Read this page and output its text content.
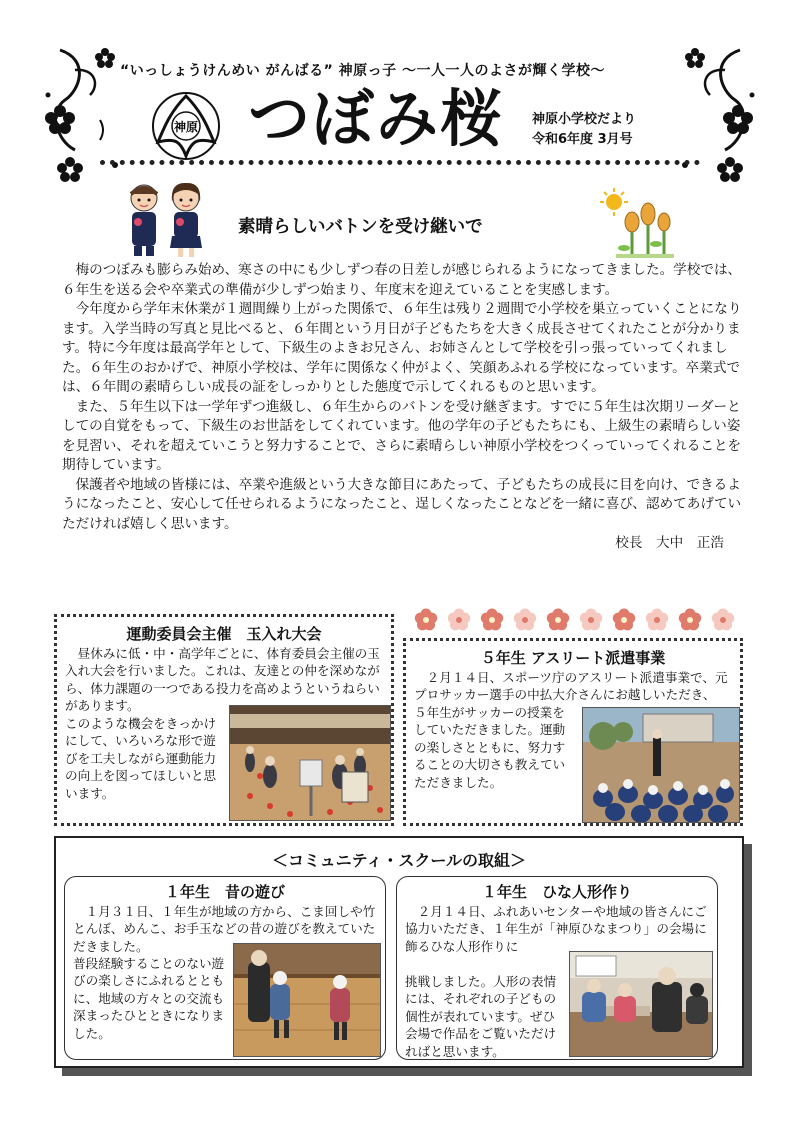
“いっしょうけんめい がんばる” 神原っ子 〜一人一人のよさが輝く学校〜
神原 つぼみ桜 神原小学校だより
令和6年度 3月号
素晴らしいバトンを受け継いで

梅のつぼみも膨らみ始め、寒さの中にも少しずつ春の日差しが感じられるようになってきました。学校では、６年生を送る会や卒業式の準備が少しずつ始まり、年度末を迎えていることを実感します。

今年度から学年末休業が１週間繰り上がった関係で、６年生は残り２週間で小学校を巣立っていくことになります。入学当時の写真と見比べると、６年間という月日が子どもたちを大きく成長させてくれたことが分かります。特に今年度は最高学年として、下級生のよきお兄さん、お姉さんとして学校を引っ張っていってくれました。６年生のおかげで、神原小学校は、学年に関係なく仲がよく、笑顔あふれる学校になっています。卒業式では、６年間の素晴らしい成長の証をしっかりとした態度で示してくれるものと思います。

また、５年生以下は一学年ずつ進級し、６年生からのバトンを受け継ぎます。すでに５年生は次期リーダーとしての自覚をもって、下級生のお世話をしてくれています。他の学年の子どもたちにも、上級生の素晴らしい姿を見習い、それを超えていこうと努力することで、さらに素晴らしい神原小学校をつくっていってくれることを期待しています。

保護者や地域の皆様には、卒業や進級という大きな節目にあたって、子どもたちの成長に目を向け、できるようになったこと、安心して任せられるようになったこと、逞しくなったことなどを一緒に喜び、認めてあげていただければ嬉しく思います。

校長　大中　正浩
運動委員会主催　玉入れ大会
昼休みに低・中・高学年ごとに、体育委員会主催の玉入れ大会を行いました。これは、友達との仲を深めながら、体力課題の一つである投力を高めようというねらいがあります。
このような機会をきっかけにして、いろいろな形で遊びを工夫しながら運動能力の向上を図ってほしいと思います。
５年生 アスリート派遣事業
２月１４日、スポーツ庁のアスリート派遣事業で、元プロサッカー選手の中払大介さんにお越しいただき、
５年生がサッカーの授業をしていただきました。運動の楽しさとともに、努力することの大切さも教えていただきました。
＜コミュニティ・スクールの取組＞
１年生　昔の遊び
１月３１日、１年生が地域の方から、こま回しや竹とんぼ、めんこ、お手玉などの昔の遊びを教えていただきました。
普段経験することのない遊びの楽しさにふれるとともに、地域の方々との交流も深まったひとときになりました。
１年生　ひな人形作り
２月１４日、ふれあいセンターや地域の皆さんにご協力いただき、１年生が「神原ひなまつり」の会場に飾るひな人形作りに
挑戦しました。人形の表情には、それぞれの子どもの個性が表れています。ぜひ会場で作品をご覧いただければと思います。
